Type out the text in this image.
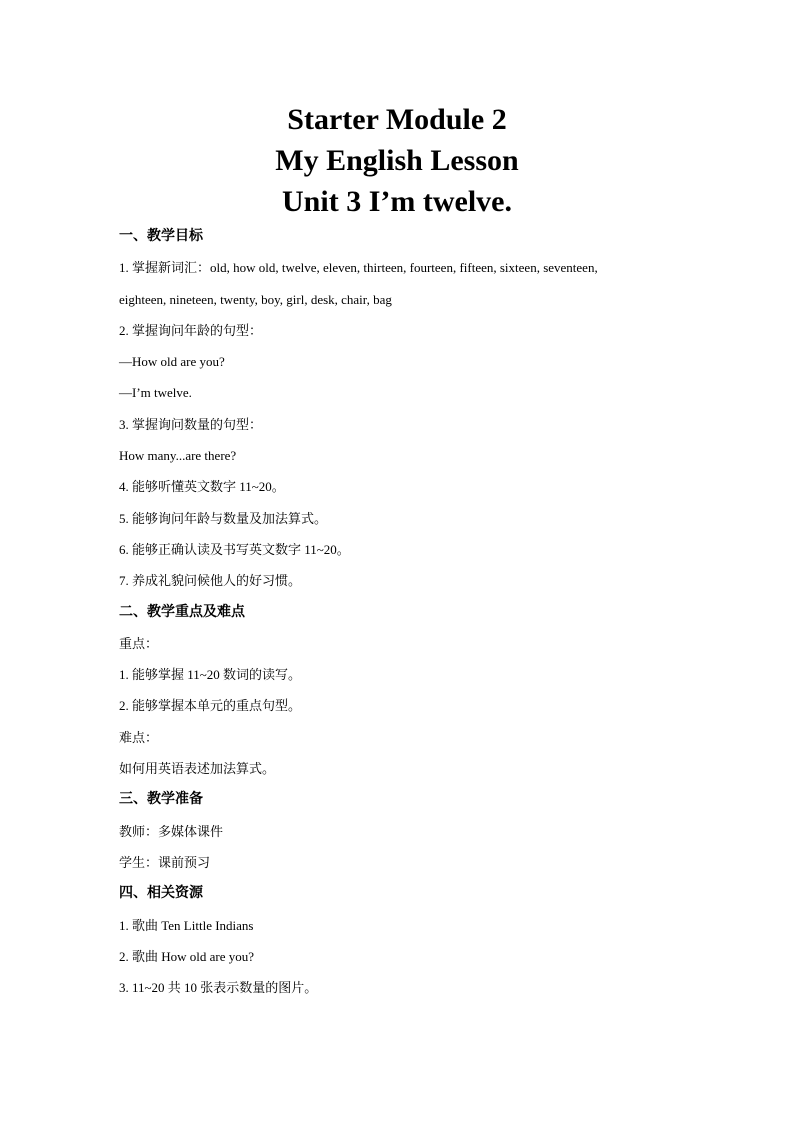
Starter Module 2
My English Lesson
Unit 3 I’m twelve.
一、教学目标
1. 掌握新词汇：old, how old, twelve, eleven, thirteen, fourteen, fifteen, sixteen, seventeen,
eighteen, nineteen, twenty, boy, girl, desk, chair, bag
2. 掌握询问年龄的句型：
—How old are you?
—I’m twelve.
3. 掌握询问数量的句型：
How many...are there?
4. 能够听懂英文数字 11~20。
5. 能够询问年龄与数量及加法算式。
6. 能够正确认读及书写英文数字 11~20。
7. 养成礼貌问候他人的好习惯。
二、教学重点及难点
重点：
1. 能够掌握 11~20 数词的读写。
2. 能够掌握本单元的重点句型。
难点：
如何用英语表述加法算式。
三、教学准备
教师：多媒体课件
学生：课前预习
四、相关资源
1. 歌曲 Ten Little Indians
2. 歌曲 How old are you?
3. 11~20 共 10 张表示数量的图片。
